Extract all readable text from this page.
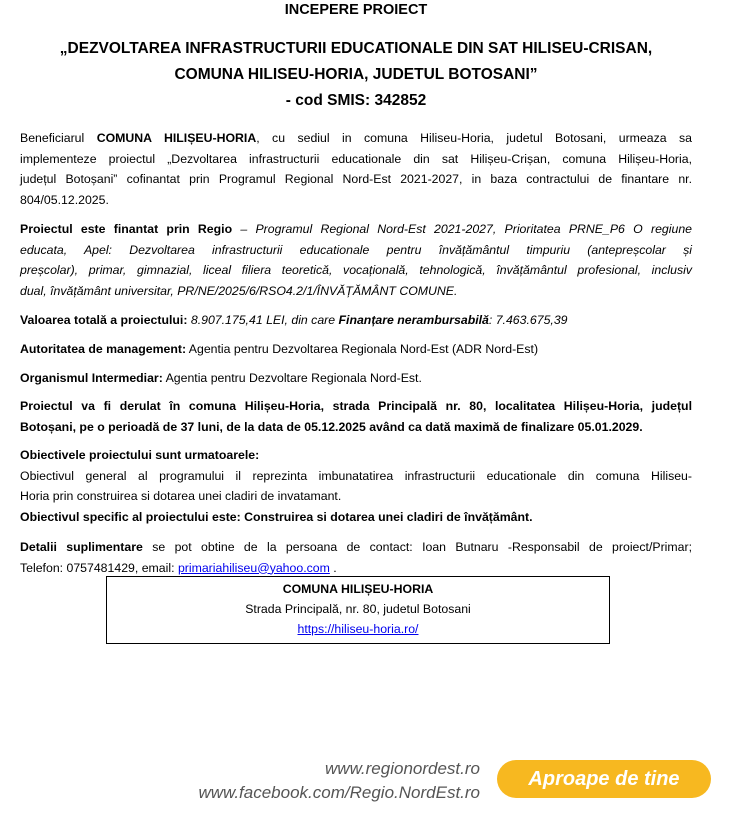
INCEPERE PROIECT
„DEZVOLTAREA INFRASTRUCTURII EDUCATIONALE DIN SAT HILISEU-CRISAN,
COMUNA HILISEU-HORIA, JUDETUL BOTOSANI”
- cod SMIS: 342852
Beneficiarul COMUNA HILIȘEU-HORIA, cu sediul in comuna Hiliseu-Horia, judetul Botosani, urmeaza sa
implementeze proiectul „Dezvoltarea infrastructurii educationale din sat Hilișeu-Crișan, comuna Hilișeu-Horia,
județul Botoșani” cofinantat prin Programul Regional Nord-Est 2021-2027, in baza contractului de finantare nr.
804/05.12.2025.
Proiectul este finantat prin Regio – Programul Regional Nord-Est 2021-2027, Prioritatea PRNE_P6 O regiune
educata, Apel: Dezvoltarea infrastructurii educationale pentru învățământul timpuriu (antepreșcolar și
preșcolar), primar, gimnazial, liceal filiera teoretică, vocațională, tehnologică, învățământul profesional, inclusiv
dual, învățământ universitar, PR/NE/2025/6/RSO4.2/1/ÎNVĂȚĂMÂNT COMUNE.
Valoarea totală a proiectului: 8.907.175,41 LEI, din care Finanțare nerambursabilă: 7.463.675,39
Autoritatea de management: Agentia pentru Dezvoltarea Regionala Nord-Est (ADR Nord-Est)
Organismul Intermediar: Agentia pentru Dezvoltare Regionala Nord-Est.
Proiectul va fi derulat în comuna Hilișeu-Horia, strada Principală nr. 80, localitatea Hilișeu-Horia, județul
Botoșani, pe o perioadă de 37 luni, de la data de 05.12.2025 având ca dată maximă de finalizare 05.01.2029.
Obiectivele proiectului sunt urmatoarele:
Obiectivul general al programului il reprezinta imbunatatirea infrastructurii educationale din comuna Hiliseu-
Horia prin construirea si dotarea unei cladiri de invatamant.
Obiectivul specific al proiectului este: Construirea si dotarea unei cladiri de învățământ.
Detalii suplimentare se pot obtine de la persoana de contact: Ioan Butnaru -Responsabil de proiect/Primar;
Telefon: 0757481429, email: primariahiliseu@yahoo.com .
COMUNA HILIȘEU-HORIA
Strada Principală, nr. 80, judetul Botosani
https://hiliseu-horia.ro/
www.regionordest.ro
www.facebook.com/Regio.NordEst.ro
Aproape de tine
